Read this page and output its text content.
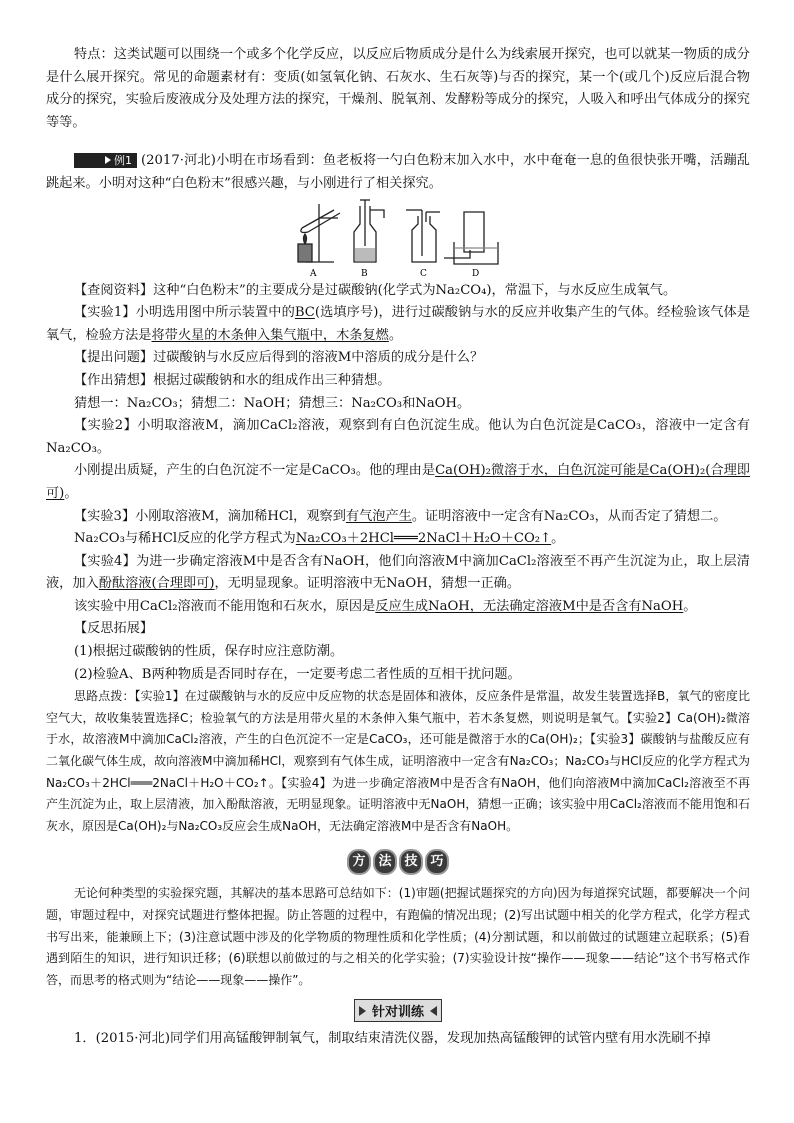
特点：这类试题可以围绕一个或多个化学反应，以反应后物质成分是什么为线索展开探究，也可以就某一物质的成分是什么展开探究。常见的命题素材有：变质(如氢氧化钠、石灰水、生石灰等)与否的探究，某一个(或几个)反应后混合物成分的探究，实验后废液成分及处理方法的探究，干燥剂、脱氧剂、发酵粉等成分的探究，人吸入和呼出气体成分的探究等等。

例1 (2017·河北)小明在市场看到：鱼老板将一勺白色粉末加入水中，水中奄奄一息的鱼很快张开嘴，活蹦乱跳起来。小明对这种“白色粉末”很感兴趣，与小刚进行了相关探究。

A	B	C	D

【查阅资料】这种“白色粉末”的主要成分是过碳酸钠(化学式为Na₂CO₄)，常温下，与水反应生成氧气。

【实验1】小明选用图中所示装置中的BC(选填序号)，进行过碳酸钠与水的反应并收集产生的气体。经检验该气体是氧气，检验方法是将带火星的木条伸入集气瓶中，木条复燃。

【提出问题】过碳酸钠与水反应后得到的溶液M中溶质的成分是什么？

【作出猜想】根据过碳酸钠和水的组成作出三种猜想。

猜想一：Na₂CO₃；猜想二：NaOH；猜想三：Na₂CO₃和NaOH。

【实验2】小明取溶液M，滴加CaCl₂溶液，观察到有白色沉淀生成。他认为白色沉淀是CaCO₃，溶液中一定含有Na₂CO₃。

小刚提出质疑，产生的白色沉淀不一定是CaCO₃。他的理由是Ca(OH)₂微溶于水，白色沉淀可能是Ca(OH)₂(合理即可)。

【实验3】小刚取溶液M，滴加稀HCl，观察到有气泡产生。证明溶液中一定含有Na₂CO₃，从而否定了猜想二。

Na₂CO₃与稀HCl反应的化学方程式为Na₂CO₃＋2HCl═══2NaCl＋H₂O＋CO₂↑。

【实验4】为进一步确定溶液M中是否含有NaOH，他们向溶液M中滴加CaCl₂溶液至不再产生沉淀为止，取上层清液，加入酚酞溶液(合理即可)，无明显现象。证明溶液中无NaOH，猜想一正确。

该实验中用CaCl₂溶液而不能用饱和石灰水，原因是反应生成NaOH，无法确定溶液M中是否含有NaOH。

【反思拓展】

(1)根据过碳酸钠的性质，保存时应注意防潮。

(2)检验A、B两种物质是否同时存在，一定要考虑二者性质的互相干扰问题。

思路点拨：【实验1】在过碳酸钠与水的反应中反应物的状态是固体和液体，反应条件是常温，故发生装置选择B，氧气的密度比空气大，故收集装置选择C；检验氧气的方法是用带火星的木条伸入集气瓶中，若木条复燃，则说明是氧气。【实验2】Ca(OH)₂微溶于水，故溶液M中滴加CaCl₂溶液，产生的白色沉淀不一定是CaCO₃，还可能是微溶于水的Ca(OH)₂；【实验3】碳酸钠与盐酸反应有二氧化碳气体生成，故向溶液M中滴加稀HCl，观察到有气体生成，证明溶液中一定含有Na₂CO₃；Na₂CO₃与HCl反应的化学方程式为Na₂CO₃＋2HCl═══2NaCl＋H₂O＋CO₂↑。【实验4】为进一步确定溶液M中是否含有NaOH，他们向溶液M中滴加CaCl₂溶液至不再产生沉淀为止，取上层清液，加入酚酞溶液，无明显现象。证明溶液中无NaOH，猜想一正确；该实验中用CaCl₂溶液而不能用饱和石灰水，原因是Ca(OH)₂与Na₂CO₃反应会生成NaOH，无法确定溶液M中是否含有NaOH。

方 法 技 巧

无论何种类型的实验探究题，其解决的基本思路可总结如下：(1)审题(把握试题探究的方向)因为每道探究试题，都要解决一个问题，审题过程中，对探究试题进行整体把握。防止答题的过程中，有跑偏的情况出现；(2)写出试题中相关的化学方程式，化学方程式书写出来，能兼顾上下；(3)注意试题中涉及的化学物质的物理性质和化学性质；(4)分割试题，和以前做过的试题建立起联系；(5)看遇到陌生的知识，进行知识迁移；(6)联想以前做过的与之相关的化学实验；(7)实验设计按“操作——现象——结论”这个书写格式作答，而思考的格式则为“结论——现象——操作”。

针对训练

1．(2015·河北)同学们用高锰酸钾制氧气，制取结束清洗仪器，发现加热高锰酸钾的试管内壁有用水洗刷不掉
